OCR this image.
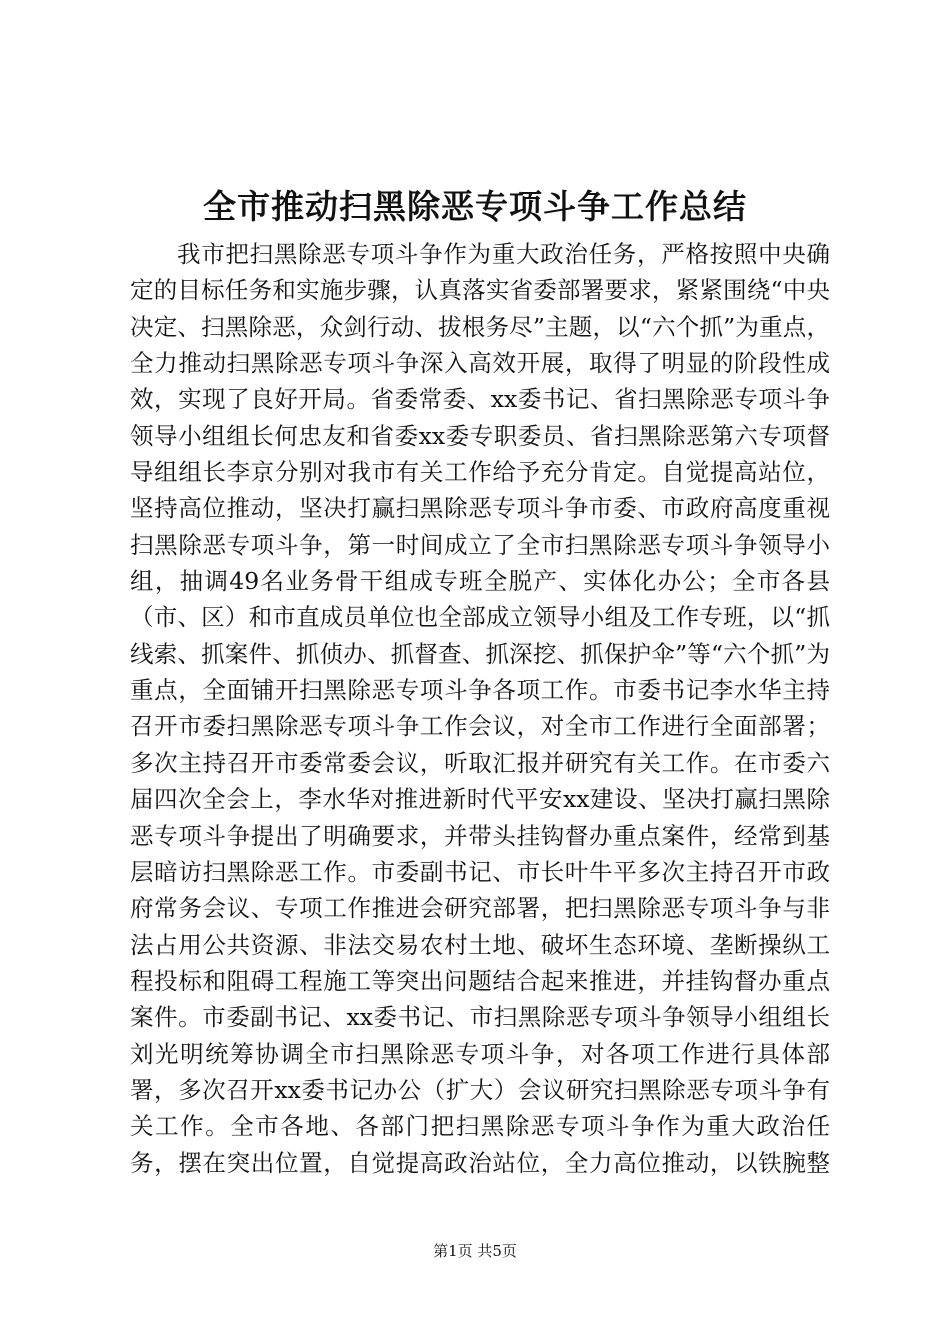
全市推动扫黑除恶专项斗争工作总结

我市把扫黑除恶专项斗争作为重大政治任务，严格按照中央确定的目标任务和实施步骤，认真落实省委部署要求，紧紧围绕“中央决定、扫黑除恶，众剑行动、拔根务尽”主题，以“六个抓”为重点，全力推动扫黑除恶专项斗争深入高效开展，取得了明显的阶段性成效，实现了良好开局。省委常委、xx委书记、省扫黑除恶专项斗争领导小组组长何忠友和省委xx委专职委员、省扫黑除恶第六专项督导组组长李京分别对我市有关工作给予充分肯定。自觉提高站位，坚持高位推动，坚决打赢扫黑除恶专项斗争市委、市政府高度重视扫黑除恶专项斗争，第一时间成立了全市扫黑除恶专项斗争领导小组，抽调49名业务骨干组成专班全脱产、实体化办公；全市各县（市、区）和市直成员单位也全部成立领导小组及工作专班，以“抓线索、抓案件、抓侦办、抓督查、抓深挖、抓保护伞”等“六个抓”为重点，全面铺开扫黑除恶专项斗争各项工作。市委书记李水华主持召开市委扫黑除恶专项斗争工作会议，对全市工作进行全面部署；多次主持召开市委常委会议，听取汇报并研究有关工作。在市委六届四次全会上，李水华对推进新时代平安xx建设、坚决打赢扫黑除恶专项斗争提出了明确要求，并带头挂钩督办重点案件，经常到基层暗访扫黑除恶工作。市委副书记、市长叶牛平多次主持召开市政府常务会议、专项工作推进会研究部署，把扫黑除恶专项斗争与非法占用公共资源、非法交易农村土地、破坏生态环境、垄断操纵工程投标和阻碍工程施工等突出问题结合起来推进，并挂钩督办重点案件。市委副书记、xx委书记、市扫黑除恶专项斗争领导小组组长刘光明统筹协调全市扫黑除恶专项斗争，对各项工作进行具体部署，多次召开xx委书记办公（扩大）会议研究扫黑除恶专项斗争有关工作。全市各地、各部门把扫黑除恶专项斗争作为重大政治任务，摆在突出位置，自觉提高政治站位，全力高位推动，以铁腕整

第1页 共5页
